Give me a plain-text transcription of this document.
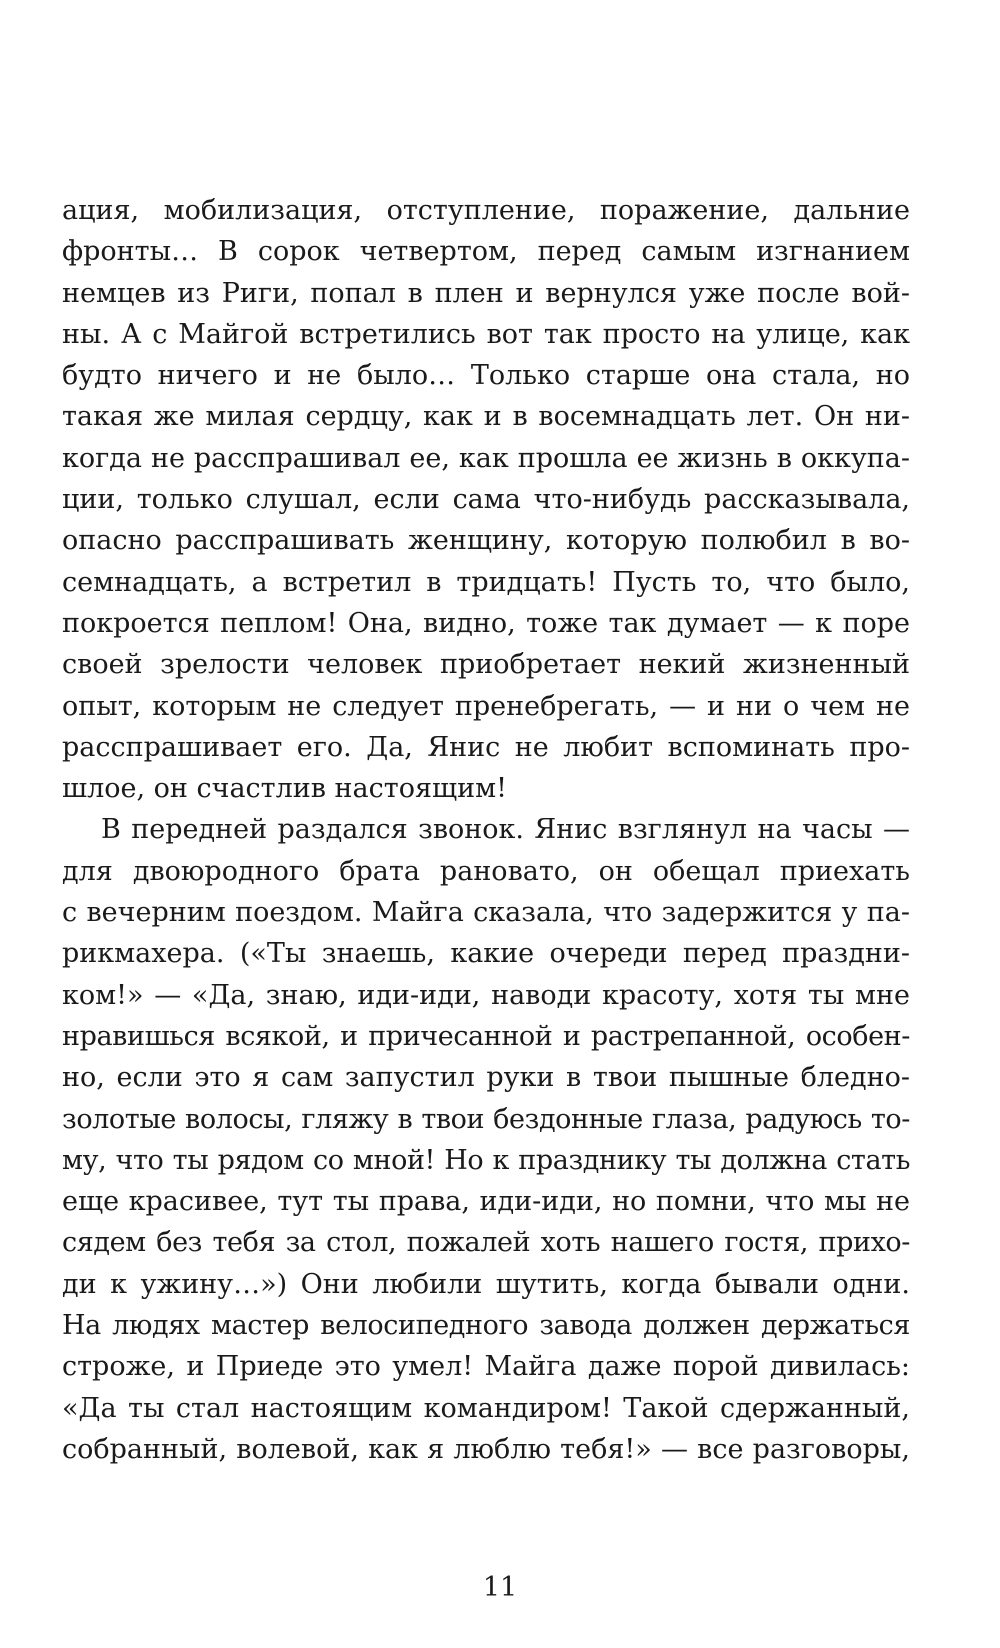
ация, мобилизация, отступление, поражение, дальние
фронты… В сорок четвертом, перед самым изгнанием
немцев из Риги, попал в плен и вернулся уже после вой-
ны. А с Майгой встретились вот так просто на улице, как
будто ничего и не было… Только старше она стала, но
такая же милая сердцу, как и в восемнадцать лет. Он ни-
когда не расспрашивал ее, как прошла ее жизнь в оккупа-
ции, только слушал, если сама что-нибудь рассказывала,
опасно расспрашивать женщину, которую полюбил в во-
семнадцать, а встретил в тридцать! Пусть то, что было,
покроется пеплом! Она, видно, тоже так думает — к поре
своей зрелости человек приобретает некий жизненный
опыт, которым не следует пренебрегать, — и ни о чем не
расспрашивает его. Да, Янис не любит вспоминать про-
шлое, он счастлив настоящим!
В передней раздался звонок. Янис взглянул на часы —
для двоюродного брата рановато, он обещал приехать
с вечерним поездом. Майга сказала, что задержится у па-
рикмахера. («Ты знаешь, какие очереди перед праздни-
ком!» — «Да, знаю, иди-иди, наводи красоту, хотя ты мне
нравишься всякой, и причесанной и растрепанной, особен-
но, если это я сам запустил руки в твои пышные бледно-
золотые волосы, гляжу в твои бездонные глаза, радуюсь то-
му, что ты рядом со мной! Но к празднику ты должна стать
еще красивее, тут ты права, иди-иди, но помни, что мы не
сядем без тебя за стол, пожалей хоть нашего гостя, прихо-
ди к ужину…») Они любили шутить, когда бывали одни.
На людях мастер велосипедного завода должен держаться
строже, и Приеде это умел! Майга даже порой дивилась:
«Да ты стал настоящим командиром! Такой сдержанный,
собранный, волевой, как я люблю тебя!» — все разговоры,
11
